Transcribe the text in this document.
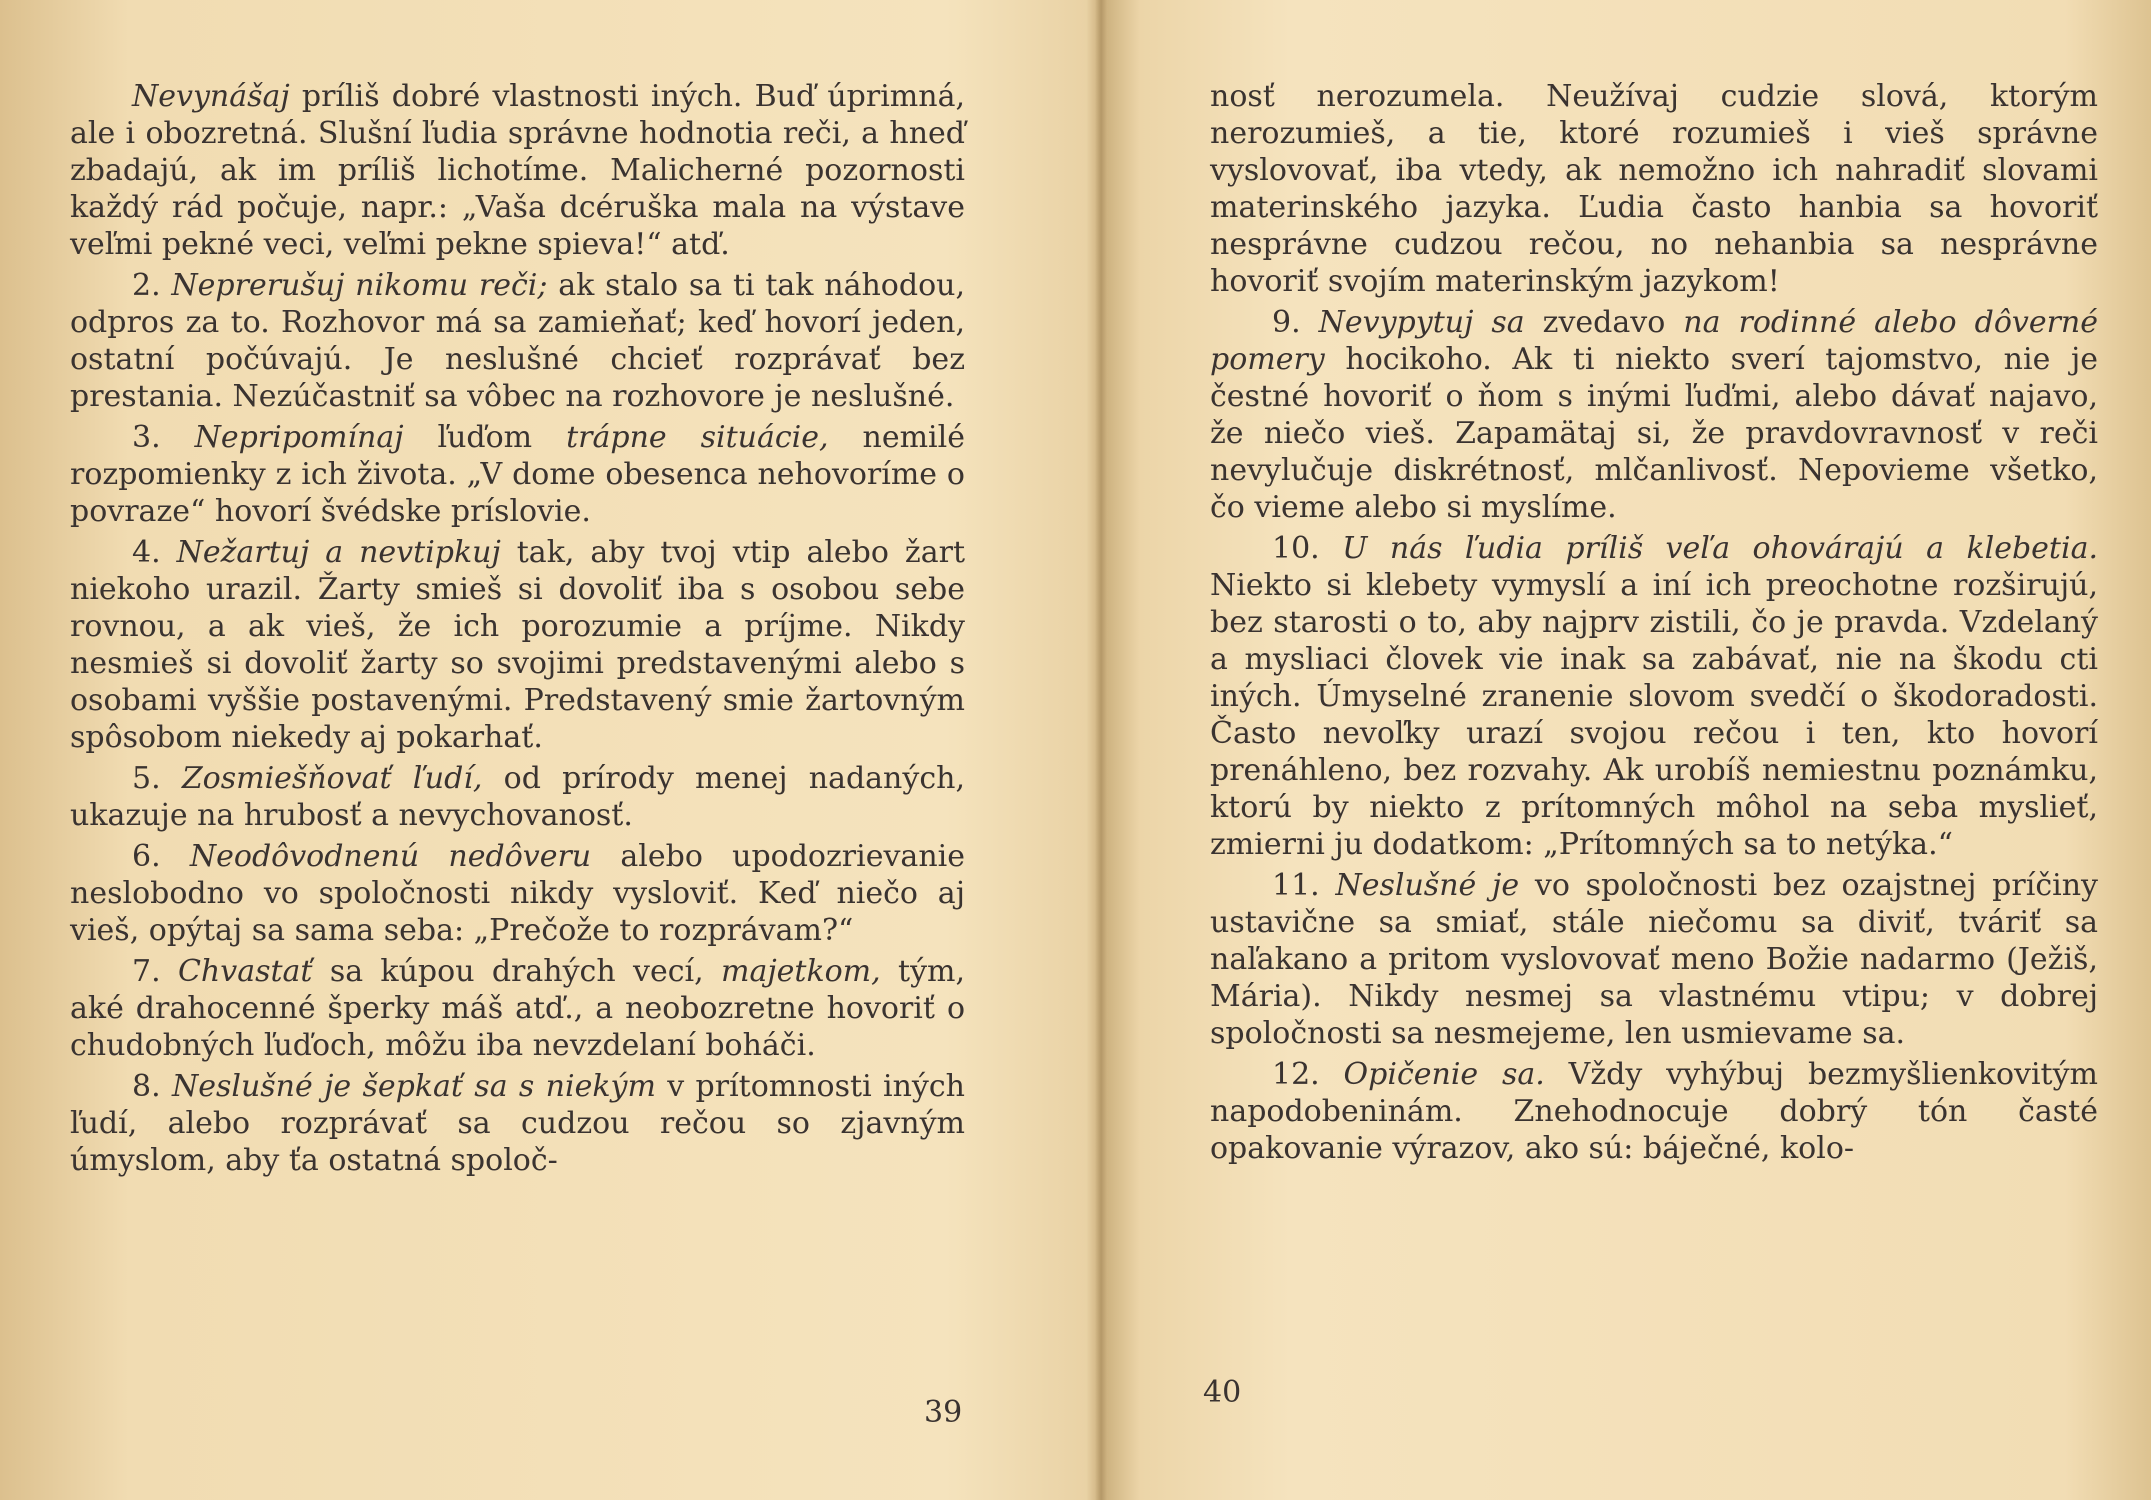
Nevynášaj príliš dobré vlastnosti iných. Buď úprimná, ale i obozretná. Slušní ľudia správne hodnotia reči, a hneď zbadajú, ak im príliš lichotíme. Malicherné pozornosti každý rád počuje, napr.: „Vaša dcéruška mala na výstave veľmi pekné veci, veľmi pekne spieva!“ atď.

2. Neprerušuj nikomu reči; ak stalo sa ti tak náhodou, odpros za to. Rozhovor má sa zamieňať; keď hovorí jeden, ostatní počúvajú. Je neslušné chcieť rozprávať bez prestania. Nezúčastniť sa vôbec na rozhovore je neslušné.

3. Nepripomínaj ľuďom trápne situácie, nemilé rozpomienky z ich života. „V dome obesenca nehovoríme o povraze“ hovorí švédske príslovie.

4. Nežartuj a nevtipkuj tak, aby tvoj vtip alebo žart niekoho urazil. Žarty smieš si dovoliť iba s osobou sebe rovnou, a ak vieš, že ich porozumie a príjme. Nikdy nesmieš si dovoliť žarty so svojimi predstavenými alebo s osobami vyššie postavenými. Predstavený smie žartovným spôsobom niekedy aj pokarhať.

5. Zosmiešňovať ľudí, od prírody menej nadaných, ukazuje na hrubosť a nevychovanosť.

6. Neodôvodnenú nedôveru alebo upodozrievanie neslobodno vo spoločnosti nikdy vysloviť. Keď niečo aj vieš, opýtaj sa sama seba: „Prečože to rozprávam?“

7. Chvastať sa kúpou drahých vecí, majetkom, tým, aké drahocenné šperky máš atď., a neobozretne hovoriť o chudobných ľuďoch, môžu iba nevzdelaní boháči.

8. Neslušné je šepkať sa s niekým v prítomnosti iných ľudí, alebo rozprávať sa cudzou rečou so zjavným úmyslom, aby ťa ostatná spoloč-

39

nosť nerozumela. Neužívaj cudzie slová, ktorým nerozumieš, a tie, ktoré rozumieš i vieš správne vyslovovať, iba vtedy, ak nemožno ich nahradiť slovami materinského jazyka. Ľudia často hanbia sa hovoriť nesprávne cudzou rečou, no nehanbia sa nesprávne hovoriť svojím materinským jazykom!

9. Nevypytuj sa zvedavo na rodinné alebo dôverné pomery hocikoho. Ak ti niekto sverí tajomstvo, nie je čestné hovoriť o ňom s inými ľuďmi, alebo dávať najavo, že niečo vieš. Zapamätaj si, že pravdovravnosť v reči nevylučuje diskrétnosť, mlčanlivosť. Nepovieme všetko, čo vieme alebo si myslíme.

10. U nás ľudia príliš veľa ohovárajú a klebetia. Niekto si klebety vymyslí a iní ich preochotne rozširujú, bez starosti o to, aby najprv zistili, čo je pravda. Vzdelaný a mysliaci človek vie inak sa zabávať, nie na škodu cti iných. Úmyselné zranenie slovom svedčí o škodoradosti. Často nevoľky urazí svojou rečou i ten, kto hovorí prenáhleno, bez rozvahy. Ak urobíš nemiestnu poznámku, ktorú by niekto z prítomných môhol na seba myslieť, zmierni ju dodatkom: „Prítomných sa to netýka.“

11. Neslušné je vo spoločnosti bez ozajstnej príčiny ustavične sa smiať, stále niečomu sa diviť, tváriť sa naľakano a pritom vyslovovať meno Božie nadarmo (Ježiš, Mária). Nikdy nesmej sa vlastnému vtipu; v dobrej spoločnosti sa nesmejeme, len usmievame sa.

12. Opičenie sa. Vždy vyhýbuj bezmyšlienkovitým napodobeninám. Znehodnocuje dobrý tón časté opakovanie výrazov, ako sú: báječné, kolo-

40
